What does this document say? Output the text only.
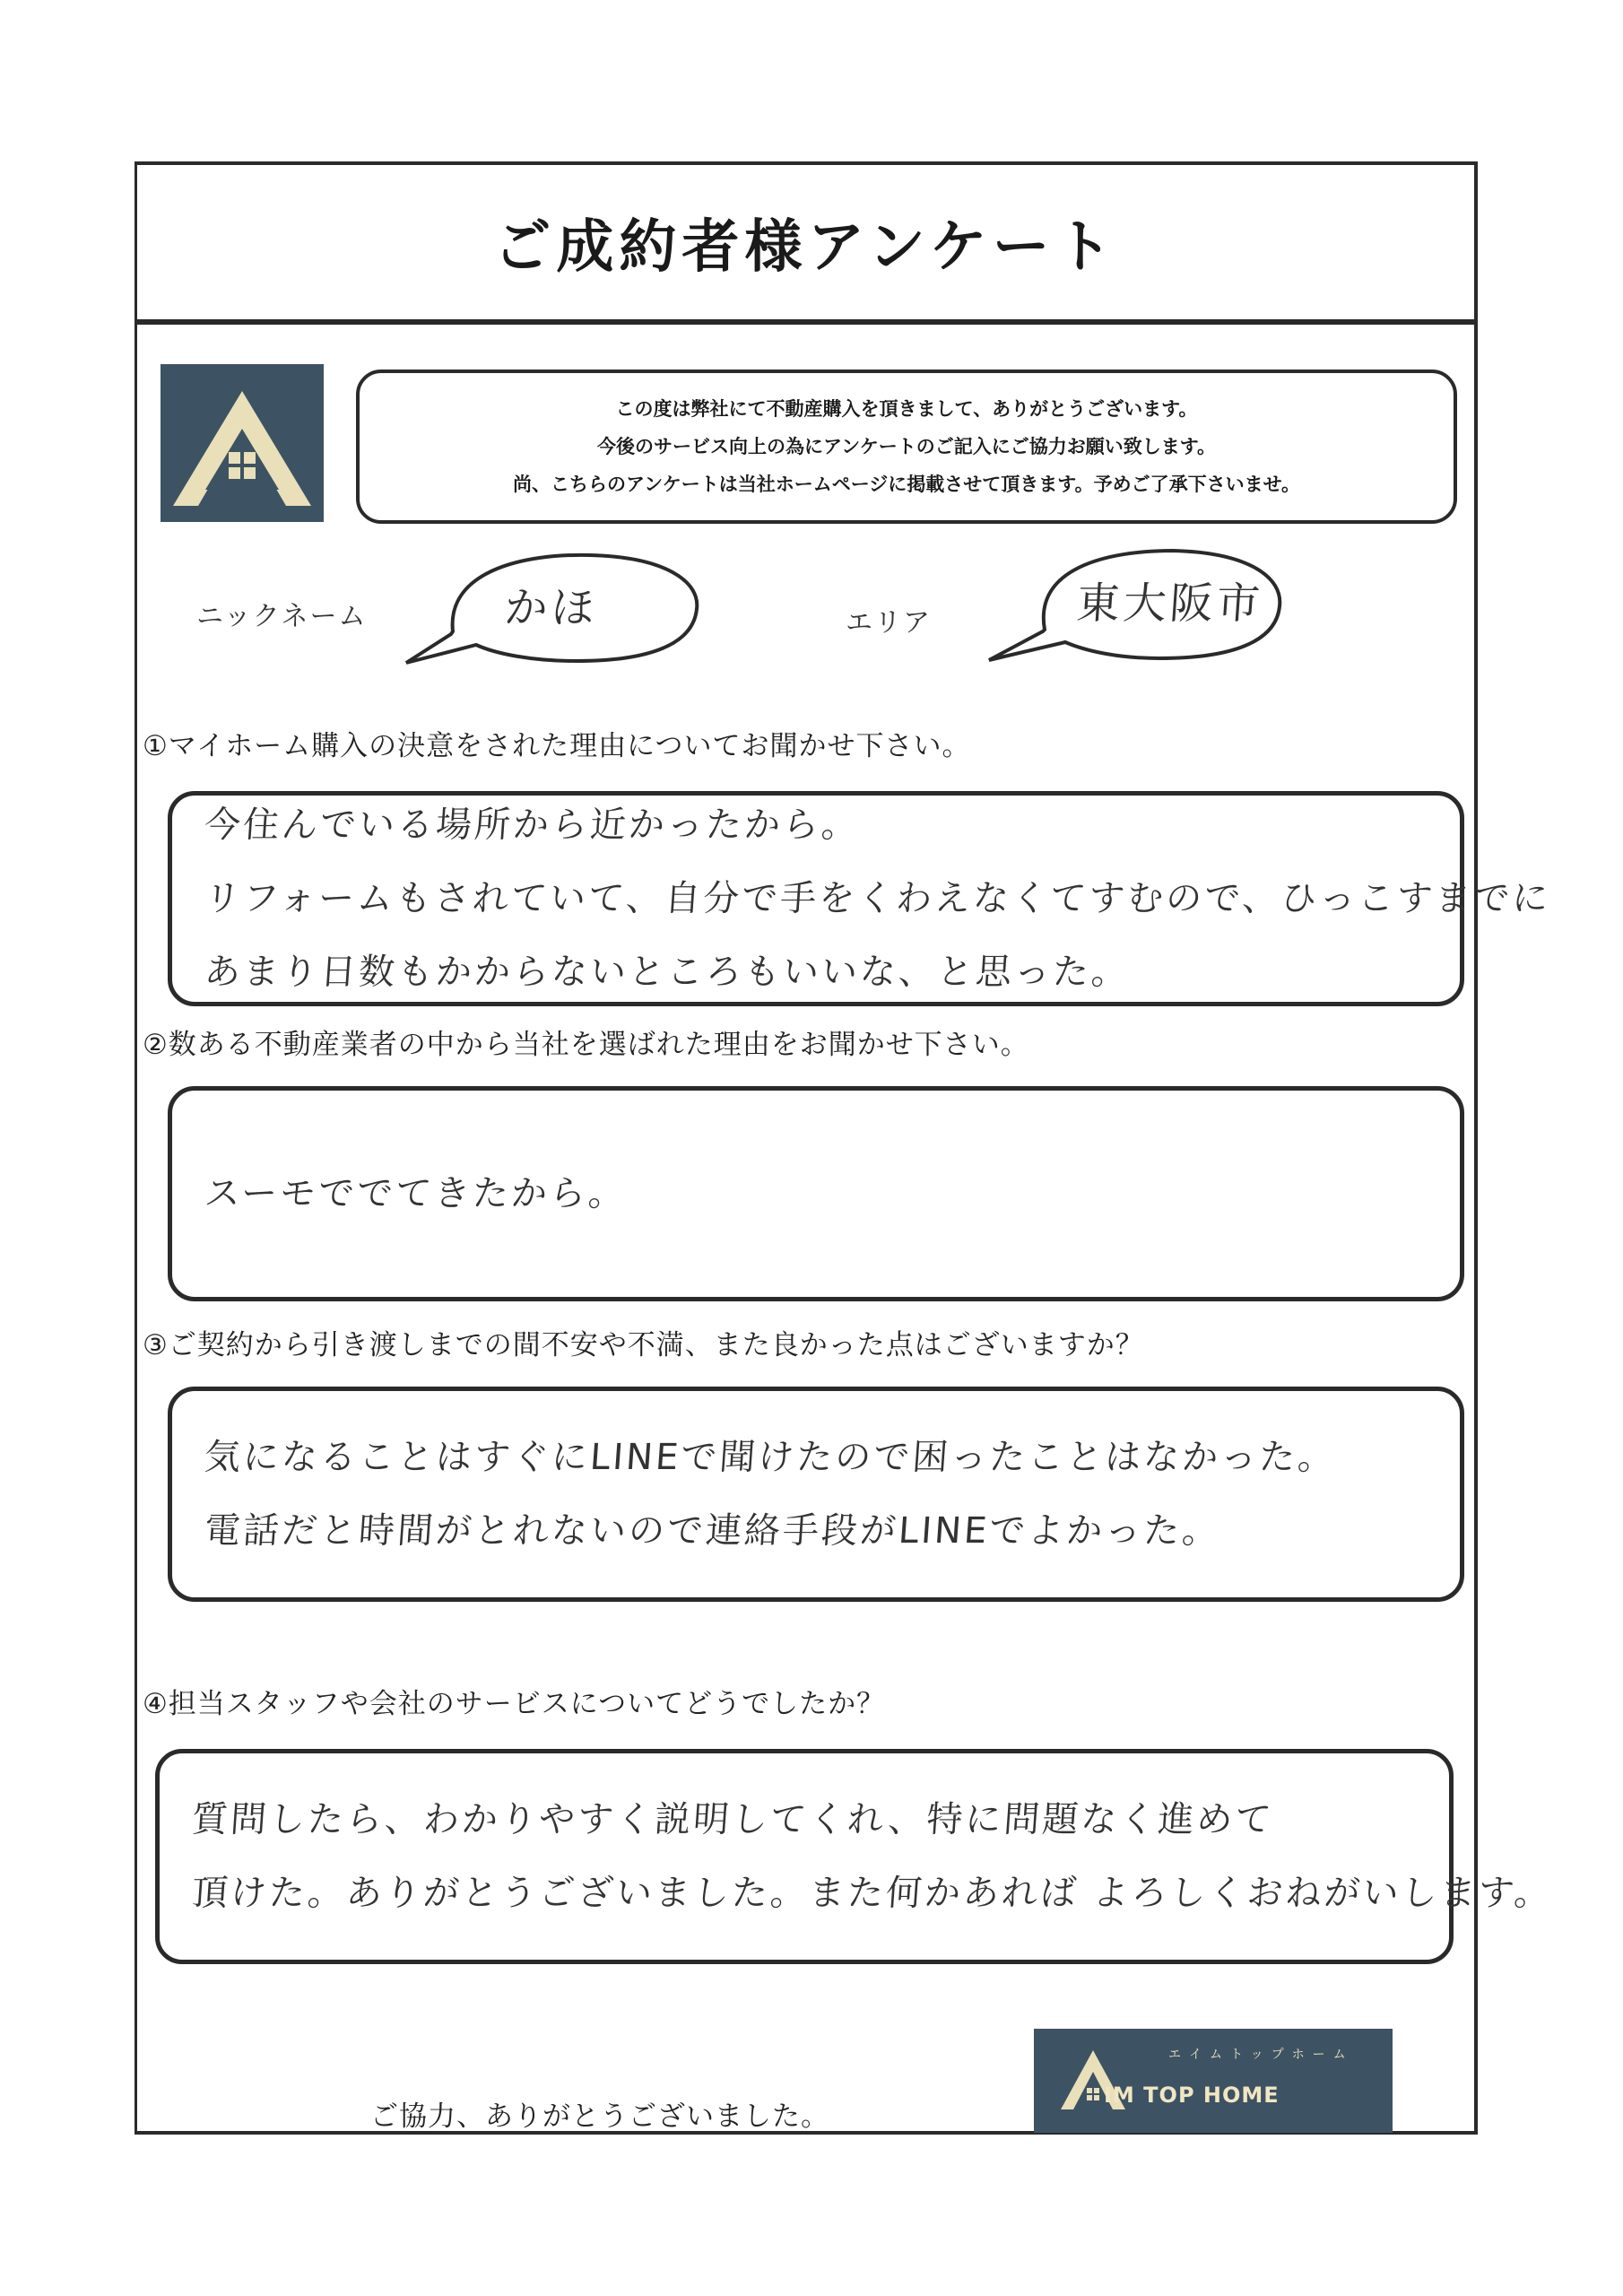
ご成約者様アンケート
この度は弊社にて不動産購入を頂きまして、ありがとうございます。
今後のサービス向上の為にアンケートのご記入にご協力お願い致します。
尚、こちらのアンケートは当社ホームページに掲載させて頂きます。予めご了承下さいませ。
ニックネーム	かほ	エリア	東大阪市
①マイホーム購入の決意をされた理由についてお聞かせ下さい。
今住んでいる場所から近かったから。
リフォームもされていて、自分で手をくわえなくてすむので、ひっこすまでに
あまり日数もかからないところもいいな、と思った。
②数ある不動産業者の中から当社を選ばれた理由をお聞かせ下さい。
スーモででてきたから。
③ご契約から引き渡しまでの間不安や不満、また良かった点はございますか？
気になることはすぐにLINEで聞けたので困ったことはなかった。
電話だと時間がとれないので連絡手段がLINEでよかった。
④担当スタッフや会社のサービスについてどうでしたか？
質問したら、わかりやすく説明してくれ、特に問題なく進めて
頂けた。ありがとうございました。また何かあれば よろしくおねがいします。
ご協力、ありがとうございました。
エイムトップホーム
IM TOP HOME
